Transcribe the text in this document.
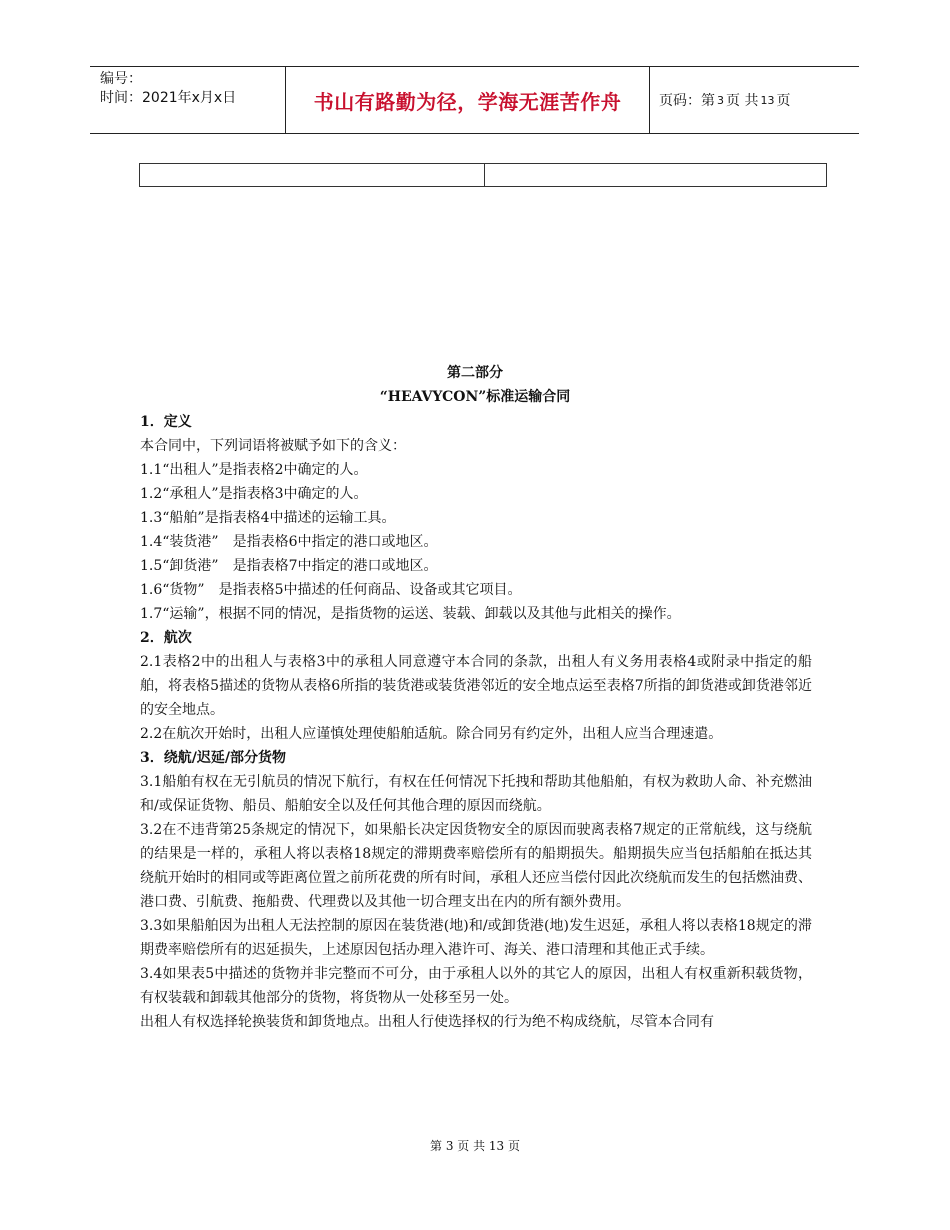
编号：
时间：2021年x月x日	书山有路勤为径，学海无涯苦作舟	页码：第 3 页 共 13 页
第二部分
“HEAVYCON”标准运输合同

1．定义

本合同中，下列词语将被赋予如下的含义：

1.1“出租人”是指表格2中确定的人。

1.2“承租人”是指表格3中确定的人。

1.3“船舶”是指表格4中描述的运输工具。

1.4“装货港”　是指表格6中指定的港口或地区。

1.5“卸货港”　是指表格7中指定的港口或地区。

1.6“货物”　是指表格5中描述的任何商品、设备或其它项目。

1.7“运输”，根据不同的情况，是指货物的运送、装载、卸载以及其他与此相关的操作。

2．航次

2.1表格2中的出租人与表格3中的承租人同意遵守本合同的条款，出租人有义务用表格4或附录中指定的船舶，将表格5描述的货物从表格6所指的装货港或装货港邻近的安全地点运至表格7所指的卸货港或卸货港邻近的安全地点。

2.2在航次开始时，出租人应谨慎处理使船舶适航。除合同另有约定外，出租人应当合理速遣。

3．绕航/迟延/部分货物

3.1船舶有权在无引航员的情况下航行，有权在任何情况下托拽和帮助其他船舶，有权为救助人命、补充燃油和/或保证货物、船员、船舶安全以及任何其他合理的原因而绕航。

3.2在不违背第25条规定的情况下，如果船长决定因货物安全的原因而驶离表格7规定的正常航线，这与绕航的结果是一样的，承租人将以表格18规定的滞期费率赔偿所有的船期损失。船期损失应当包括船舶在抵达其绕航开始时的相同或等距离位置之前所花费的所有时间，承租人还应当偿付因此次绕航而发生的包括燃油费、港口费、引航费、拖船费、代理费以及其他一切合理支出在内的所有额外费用。

3.3如果船舶因为出租人无法控制的原因在装货港(地)和/或卸货港(地)发生迟延，承租人将以表格18规定的滞期费率赔偿所有的迟延损失，上述原因包括办理入港许可、海关、港口清理和其他正式手续。

3.4如果表5中描述的货物并非完整而不可分，由于承租人以外的其它人的原因，出租人有权重新积载货物，有权装载和卸载其他部分的货物，将货物从一处移至另一处。

出租人有权选择轮换装货和卸货地点。出租人行使选择权的行为绝不构成绕航，尽管本合同有

第 3 页 共 13 页
